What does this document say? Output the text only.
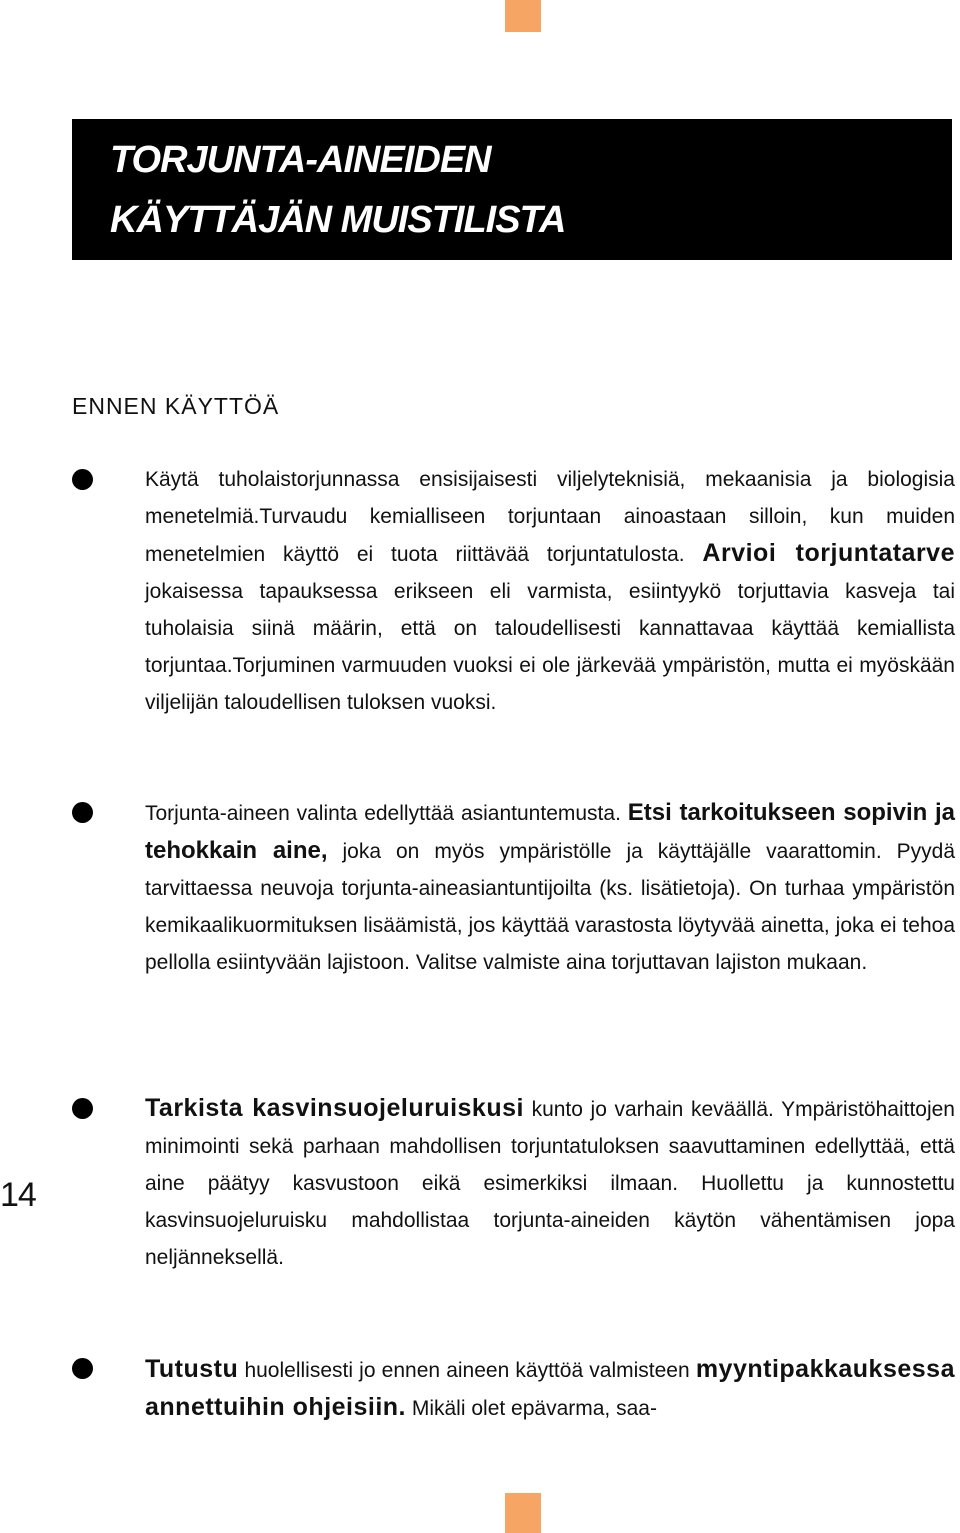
TORJUNTA-AINEIDEN
KÄYTTÄJÄN MUISTILISTA
ENNEN KÄYTTÖÄ
14

Käytä tuholaistorjunnassa ensisijaisesti viljelyteknisiä, mekaanisia ja biologisia menetelmiä.Turvaudu kemialliseen torjuntaan ainoastaan silloin, kun muiden menetelmien käyttö ei tuota riittävää torjuntatulosta. Arvioi torjuntatarve jokaisessa tapauksessa erikseen eli varmista, esiintyykö torjuttavia kasveja tai tuholaisia siinä määrin, että on taloudellisesti kannattavaa käyttää kemiallista torjuntaa.Torjuminen varmuuden vuoksi ei ole järkevää ympäristön, mutta ei myöskään viljelijän taloudellisen tuloksen vuoksi.

Torjunta-aineen valinta edellyttää asiantuntemusta. Etsi tarkoitukseen sopivin ja tehokkain aine, joka on myös ympäristölle ja käyttäjälle vaarattomin. Pyydä tarvittaessa neuvoja torjunta-aineasiantuntijoilta (ks. lisätietoja). On turhaa ympäristön kemikaalikuormituksen lisäämistä, jos käyttää varastosta löytyvää ainetta, joka ei tehoa pellolla esiintyvään lajistoon. Valitse valmiste aina torjuttavan lajiston mukaan.

Tarkista kasvinsuojeluruiskusi kunto jo varhain keväällä. Ympäristöhaittojen minimointi sekä parhaan mahdollisen torjuntatuloksen saavuttaminen edellyttää, että aine päätyy kasvustoon eikä esimerkiksi ilmaan. Huollettu ja kunnostettu kasvinsuojeluruisku mahdollistaa torjunta-aineiden käytön vähentämisen jopa neljänneksellä.

Tutustu huolellisesti jo ennen aineen käyttöä valmisteen myyntipakkauksessa annettuihin ohjeisiin. Mikäli olet epävarma, saa-
